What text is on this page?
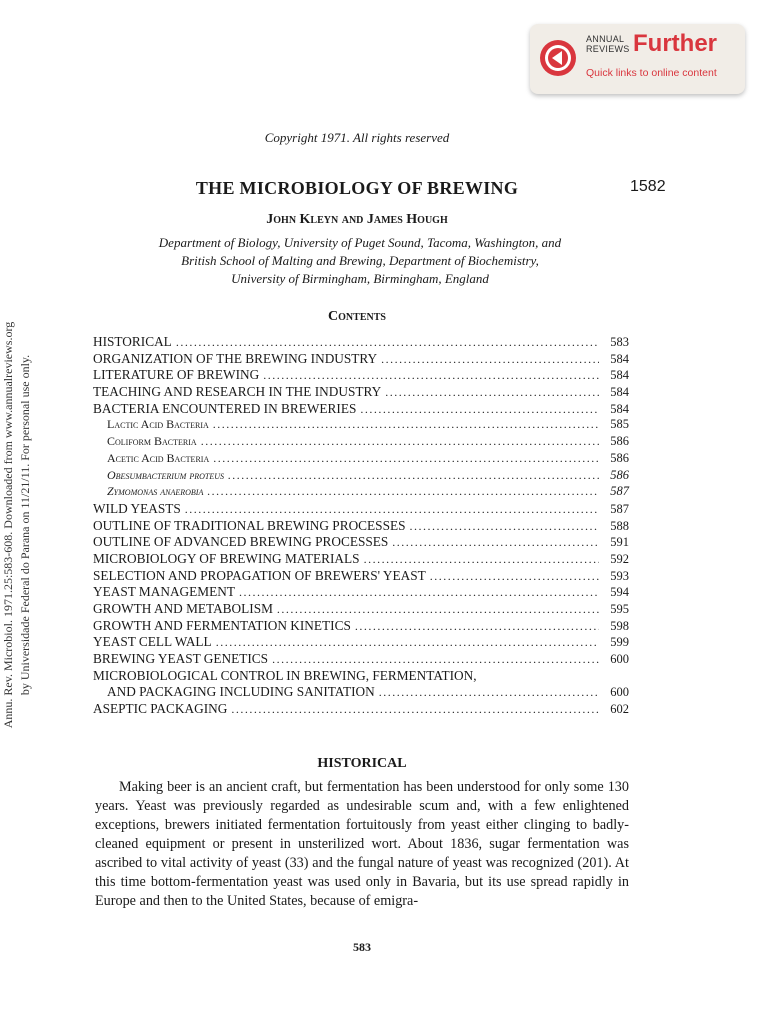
ANNUAL
REVIEWS Further
Quick links to online content
Annu. Rev. Microbiol. 1971.25:583-608. Downloaded from www.annualreviews.org by Universidade Federal do Parana on 11/21/11. For personal use only.
Copyright 1971. All rights reserved
THE MICROBIOLOGY OF BREWING	1582
John Kleyn and James Hough
Department of Biology, University of Puget Sound, Tacoma, Washington, and
British School of Malting and Brewing, Department of Biochemistry,
University of Birmingham, Birmingham, England
Contents
HISTORICAL .....	583
ORGANIZATION OF THE BREWING INDUSTRY .....	584
LITERATURE OF BREWING .....	584
TEACHING AND RESEARCH IN THE INDUSTRY .....	584
BACTERIA ENCOUNTERED IN BREWERIES .....	584
Lactic Acid Bacteria .....	585
Coliform Bacteria .....	586
Acetic Acid Bacteria .....	586
Obesumbacterium proteus .....	586
Zymomonas anaerobia .....	587
WILD YEASTS .....	587
OUTLINE OF TRADITIONAL BREWING PROCESSES .....	588
OUTLINE OF ADVANCED BREWING PROCESSES .....	591
MICROBIOLOGY OF BREWING MATERIALS .....	592
SELECTION AND PROPAGATION OF BREWERS' YEAST .....	593
YEAST MANAGEMENT .....	594
GROWTH AND METABOLISM .....	595
GROWTH AND FERMENTATION KINETICS .....	598
YEAST CELL WALL .....	599
BREWING YEAST GENETICS .....	600
MICROBIOLOGICAL CONTROL IN BREWING, FERMENTATION,
AND PACKAGING INCLUDING SANITATION .....	600
ASEPTIC PACKAGING .....	602
HISTORICAL

Making beer is an ancient craft, but fermentation has been understood for only some 130 years. Yeast was previously regarded as undesirable scum and, with a few enlightened exceptions, brewers initiated fermentation fortuitously from yeast either clinging to badly-cleaned equipment or present in unsterilized wort. About 1836, sugar fermentation was ascribed to vital activity of yeast (33) and the fungal nature of yeast was recognized (201). At this time bottom-fermentation yeast was used only in Bavaria, but its use spread rapidly in Europe and then to the United States, because of emigra-

583
